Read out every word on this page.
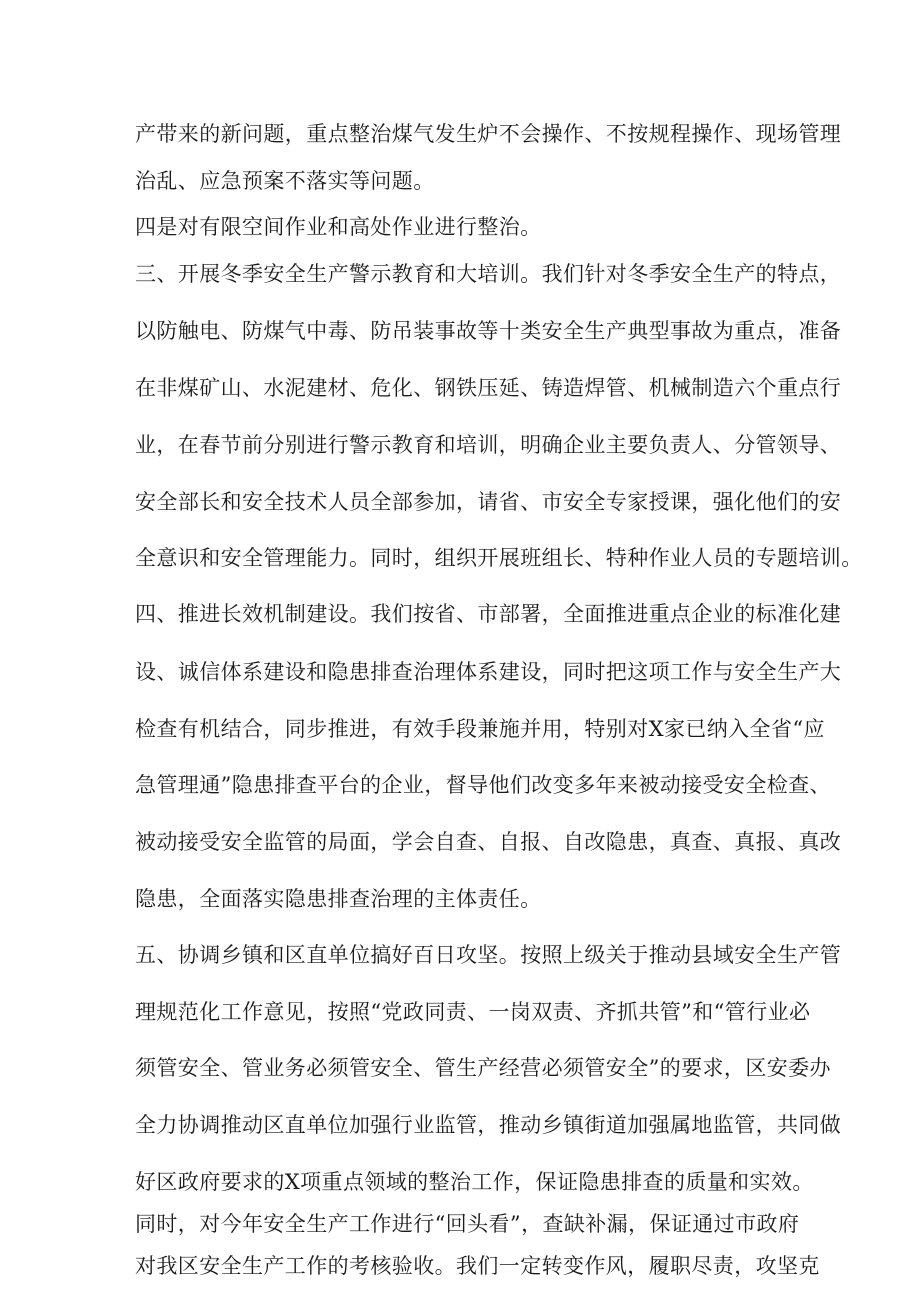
产带来的新问题，重点整治煤气发生炉不会操作、不按规程操作、现场管理
治乱、应急预案不落实等问题。
四是对有限空间作业和高处作业进行整治。
三、开展冬季安全生产警示教育和大培训。我们针对冬季安全生产的特点，
以防触电、防煤气中毒、防吊装事故等十类安全生产典型事故为重点，准备
在非煤矿山、水泥建材、危化、钢铁压延、铸造焊管、机械制造六个重点行
业，在春节前分别进行警示教育和培训，明确企业主要负责人、分管领导、
安全部长和安全技术人员全部参加，请省、市安全专家授课，强化他们的安
全意识和安全管理能力。同时，组织开展班组长、特种作业人员的专题培训。
四、推进长效机制建设。我们按省、市部署，全面推进重点企业的标准化建
设、诚信体系建设和隐患排查治理体系建设，同时把这项工作与安全生产大
检查有机结合，同步推进，有效手段兼施并用，特别对X家已纳入全省“应
急管理通”隐患排查平台的企业，督导他们改变多年来被动接受安全检查、
被动接受安全监管的局面，学会自查、自报、自改隐患，真查、真报、真改
隐患，全面落实隐患排查治理的主体责任。
五、协调乡镇和区直单位搞好百日攻坚。按照上级关于推动县域安全生产管
理规范化工作意见，按照“党政同责、一岗双责、齐抓共管”和“管行业必
须管安全、管业务必须管安全、管生产经营必须管安全”的要求，区安委办
全力协调推动区直单位加强行业监管，推动乡镇街道加强属地监管，共同做
好区政府要求的X项重点领域的整治工作，保证隐患排查的质量和实效。
同时，对今年安全生产工作进行“回头看”，查缺补漏，保证通过市政府
对我区安全生产工作的考核验收。我们一定转变作风，履职尽责，攻坚克
